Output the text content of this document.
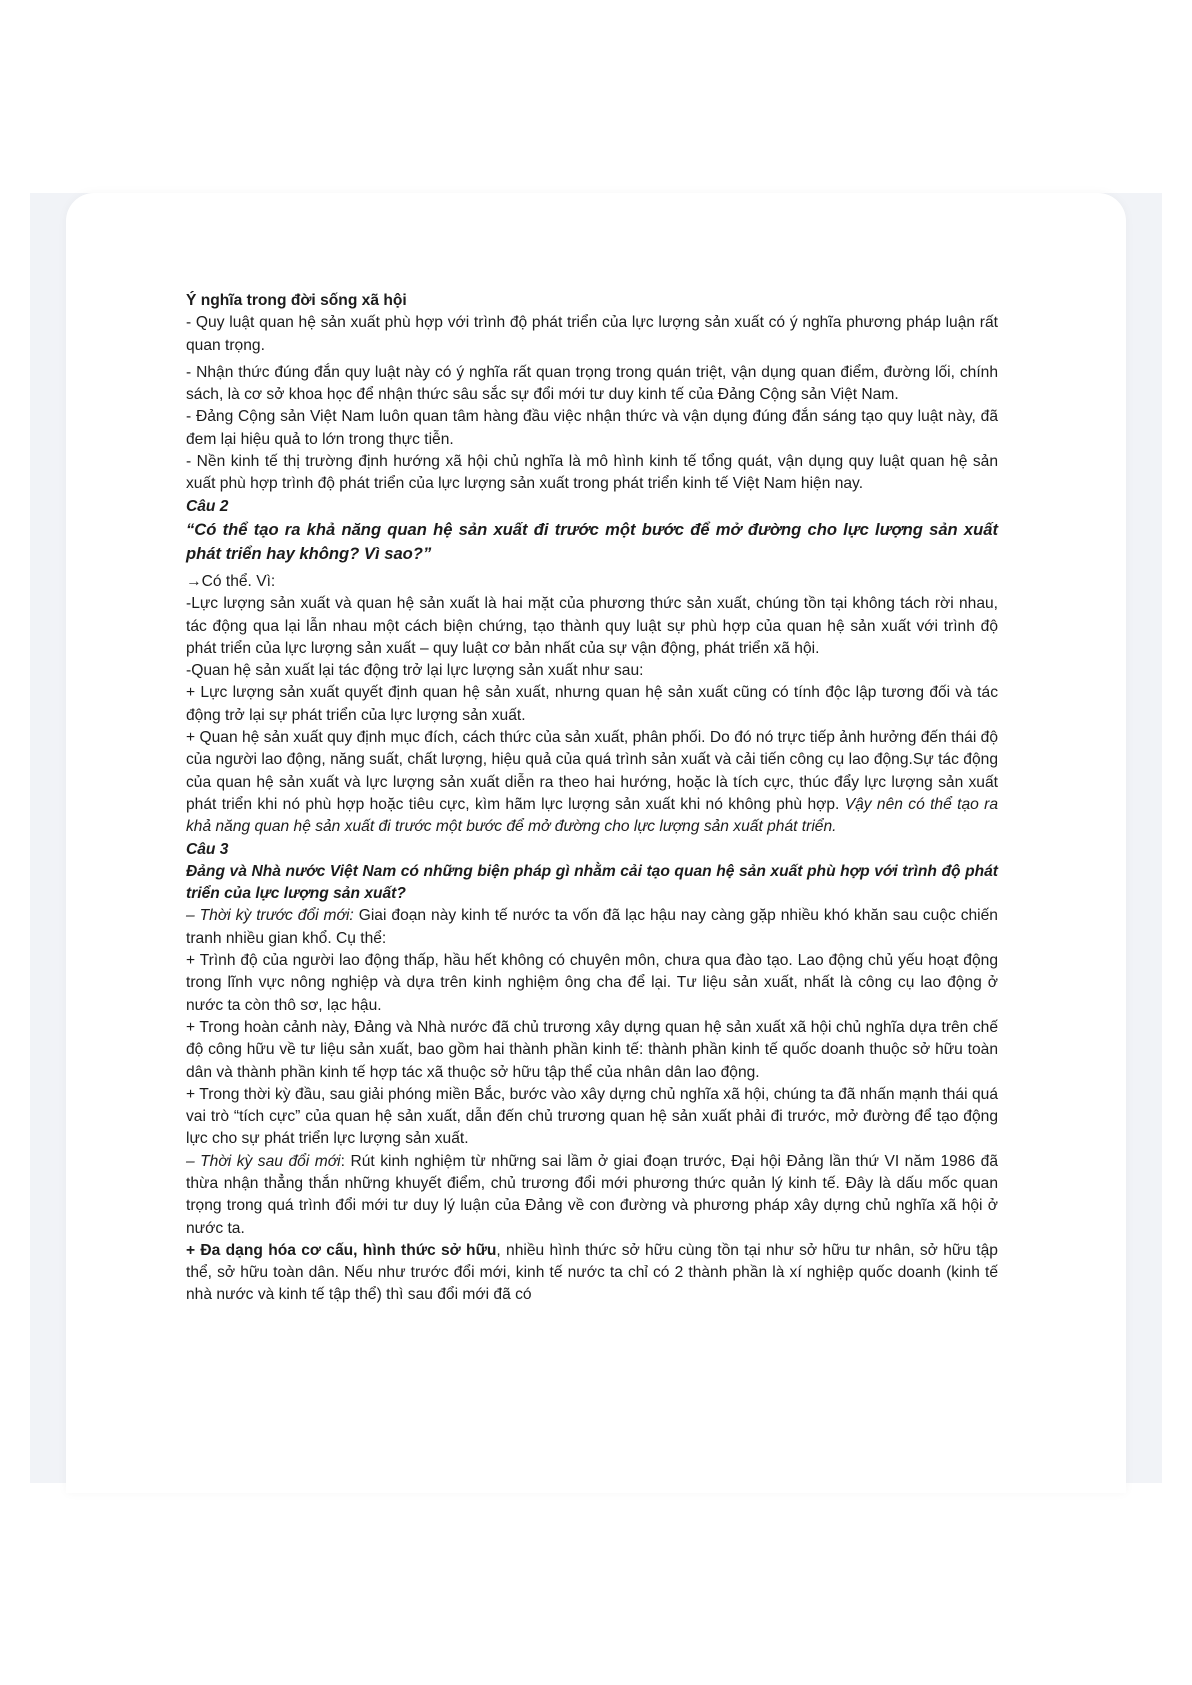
Ý nghĩa trong đời sống xã hội

- Quy luật quan hệ sản xuất phù hợp với trình độ phát triển của lực lượng sản xuất có ý nghĩa phương pháp luận rất quan trọng.

- Nhận thức đúng đắn quy luật này có ý nghĩa rất quan trọng trong quán triệt, vận dụng quan điểm, đường lối, chính sách, là cơ sở khoa học để nhận thức sâu sắc sự đổi mới tư duy kinh tế của Đảng Cộng sản Việt Nam.

- Đảng Cộng sản Việt Nam luôn quan tâm hàng đầu việc nhận thức và vận dụng đúng đắn sáng tạo quy luật này, đã đem lại hiệu quả to lớn trong thực tiễn.

- Nền kinh tế thị trường định hướng xã hội chủ nghĩa là mô hình kinh tế tổng quát, vận dụng quy luật quan hệ sản xuất phù hợp trình độ phát triển của lực lượng sản xuất trong phát triển kinh tế Việt Nam hiện nay.

Câu 2

“Có thể tạo ra khả năng quan hệ sản xuất đi trước một bước để mở đường cho lực lượng sản xuất phát triển hay không? Vì sao?”

→Có thể. Vì:

-Lực lượng sản xuất và quan hệ sản xuất là hai mặt của phương thức sản xuất, chúng tồn tại không tách rời nhau, tác động qua lại lẫn nhau một cách biện chứng, tạo thành quy luật sự phù hợp của quan hệ sản xuất với trình độ phát triển của lực lượng sản xuất – quy luật cơ bản nhất của sự vận động, phát triển xã hội.

-Quan hệ sản xuất lại tác động trở lại lực lượng sản xuất như sau:

+ Lực lượng sản xuất quyết định quan hệ sản xuất, nhưng quan hệ sản xuất cũng có tính độc lập tương đối và tác động trở lại sự phát triển của lực lượng sản xuất.

+ Quan hệ sản xuất quy định mục đích, cách thức của sản xuất, phân phối. Do đó nó trực tiếp ảnh hưởng đến thái độ của người lao động, năng suất, chất lượng, hiệu quả của quá trình sản xuất và cải tiến công cụ lao động.Sự tác động của quan hệ sản xuất và lực lượng sản xuất diễn ra theo hai hướng, hoặc là tích cực, thúc đẩy lực lượng sản xuất phát triển khi nó phù hợp hoặc tiêu cực, kìm hãm lực lượng sản xuất khi nó không phù hợp. Vậy nên có thể tạo ra khả năng quan hệ sản xuất đi trước một bước để mở đường cho lực lượng sản xuất phát triển.

Câu 3

Đảng và Nhà nước Việt Nam có những biện pháp gì nhằm cải tạo quan hệ sản xuất phù hợp với trình độ phát triển của lực lượng sản xuất?

– Thời kỳ trước đổi mới: Giai đoạn này kinh tế nước ta vốn đã lạc hậu nay càng gặp nhiều khó khăn sau cuộc chiến tranh nhiều gian khổ. Cụ thể:

+ Trình độ của người lao động thấp, hầu hết không có chuyên môn, chưa qua đào tạo. Lao động chủ yếu hoạt động trong lĩnh vực nông nghiệp và dựa trên kinh nghiệm ông cha để lại. Tư liệu sản xuất, nhất là công cụ lao động ở nước ta còn thô sơ, lạc hậu.

+ Trong hoàn cảnh này, Đảng và Nhà nước đã chủ trương xây dựng quan hệ sản xuất xã hội chủ nghĩa dựa trên chế độ công hữu về tư liệu sản xuất, bao gồm hai thành phần kinh tế: thành phần kinh tế quốc doanh thuộc sở hữu toàn dân và thành phần kinh tế hợp tác xã thuộc sở hữu tập thể của nhân dân lao động.

+ Trong thời kỳ đầu, sau giải phóng miền Bắc, bước vào xây dựng chủ nghĩa xã hội, chúng ta đã nhấn mạnh thái quá vai trò “tích cực” của quan hệ sản xuất, dẫn đến chủ trương quan hệ sản xuất phải đi trước, mở đường để tạo động lực cho sự phát triển lực lượng sản xuất.

– Thời kỳ sau đổi mới: Rút kinh nghiệm từ những sai lầm ở giai đoạn trước, Đại hội Đảng lần thứ VI năm 1986 đã thừa nhận thẳng thắn những khuyết điểm, chủ trương đổi mới phương thức quản lý kinh tế. Đây là dấu mốc quan trọng trong quá trình đổi mới tư duy lý luận của Đảng về con đường và phương pháp xây dựng chủ nghĩa xã hội ở nước ta.

+ Đa dạng hóa cơ cấu, hình thức sở hữu, nhiều hình thức sở hữu cùng tồn tại như sở hữu tư nhân, sở hữu tập thể, sở hữu toàn dân. Nếu như trước đổi mới, kinh tế nước ta chỉ có 2 thành phần là xí nghiệp quốc doanh (kinh tế nhà nước và kinh tế tập thể) thì sau đổi mới đã có
